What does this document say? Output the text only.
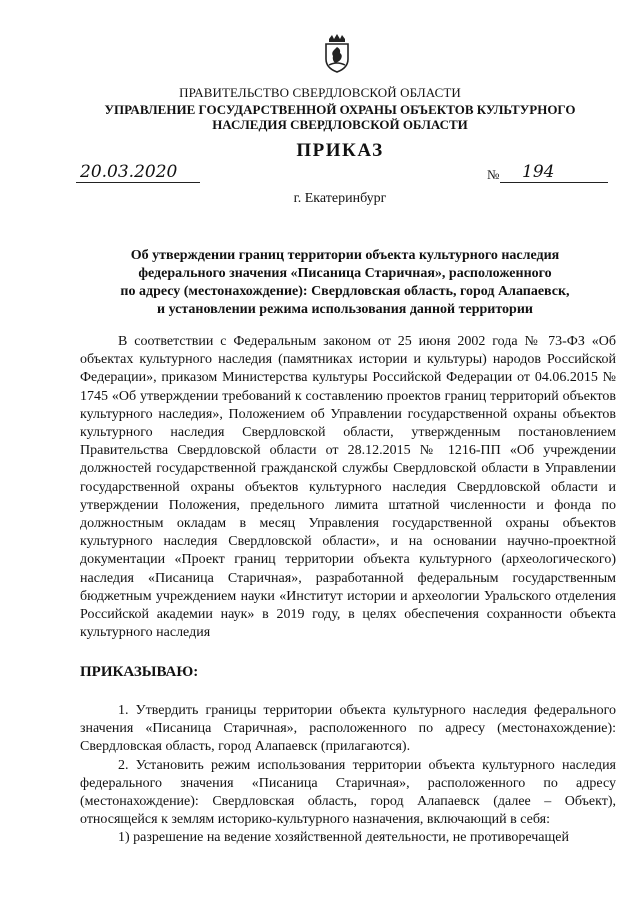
ПРАВИТЕЛЬСТВО СВЕРДЛОВСКОЙ ОБЛАСТИ
УПРАВЛЕНИЕ ГОСУДАРСТВЕННОЙ ОХРАНЫ ОБЪЕКТОВ КУЛЬТУРНОГО НАСЛЕДИЯ СВЕРДЛОВСКОЙ ОБЛАСТИ
ПРИКАЗ
20.03.2020	№	194
г. Екатеринбург
Об утверждении границ территории объекта культурного наследия
федерального значения «Писаница Старичная», расположенного
по адресу (местонахождение): Свердловская область, город Алапаевск,
и установлении режима использования данной территории

В соответствии с Федеральным законом от 25 июня 2002 года № 73-ФЗ «Об объектах культурного наследия (памятниках истории и культуры) народов Российской Федерации», приказом Министерства культуры Российской Федерации от 04.06.2015 № 1745 «Об утверждении требований к составлению проектов границ территорий объектов культурного наследия», Положением об Управлении государственной охраны объектов культурного наследия Свердловской области, утвержденным постановлением Правительства Свердловской области от 28.12.2015 № 1216-ПП «Об учреждении должностей государственной гражданской службы Свердловской области в Управлении государственной охраны объектов культурного наследия Свердловской области и утверждении Положения, предельного лимита штатной численности и фонда по должностным окладам в месяц Управления государственной охраны объектов культурного наследия Свердловской области», и на основании научно-проектной документации «Проект границ территории объекта культурного (археологического) наследия «Писаница Старичная», разработанной федеральным государственным бюджетным учреждением науки «Институт истории и археологии Уральского отделения Российской академии наук» в 2019 году, в целях обеспечения сохранности объекта культурного наследия

ПРИКАЗЫВАЮ:

1. Утвердить границы территории объекта культурного наследия федерального значения «Писаница Старичная», расположенного по адресу (местонахождение): Свердловская область, город Алапаевск (прилагаются).

2. Установить режим использования территории объекта культурного наследия федерального значения «Писаница Старичная», расположенного по адресу (местонахождение): Свердловская область, город Алапаевск (далее – Объект), относящейся к землям историко-культурного назначения, включающий в себя:

1) разрешение на ведение хозяйственной деятельности, не противоречащей
